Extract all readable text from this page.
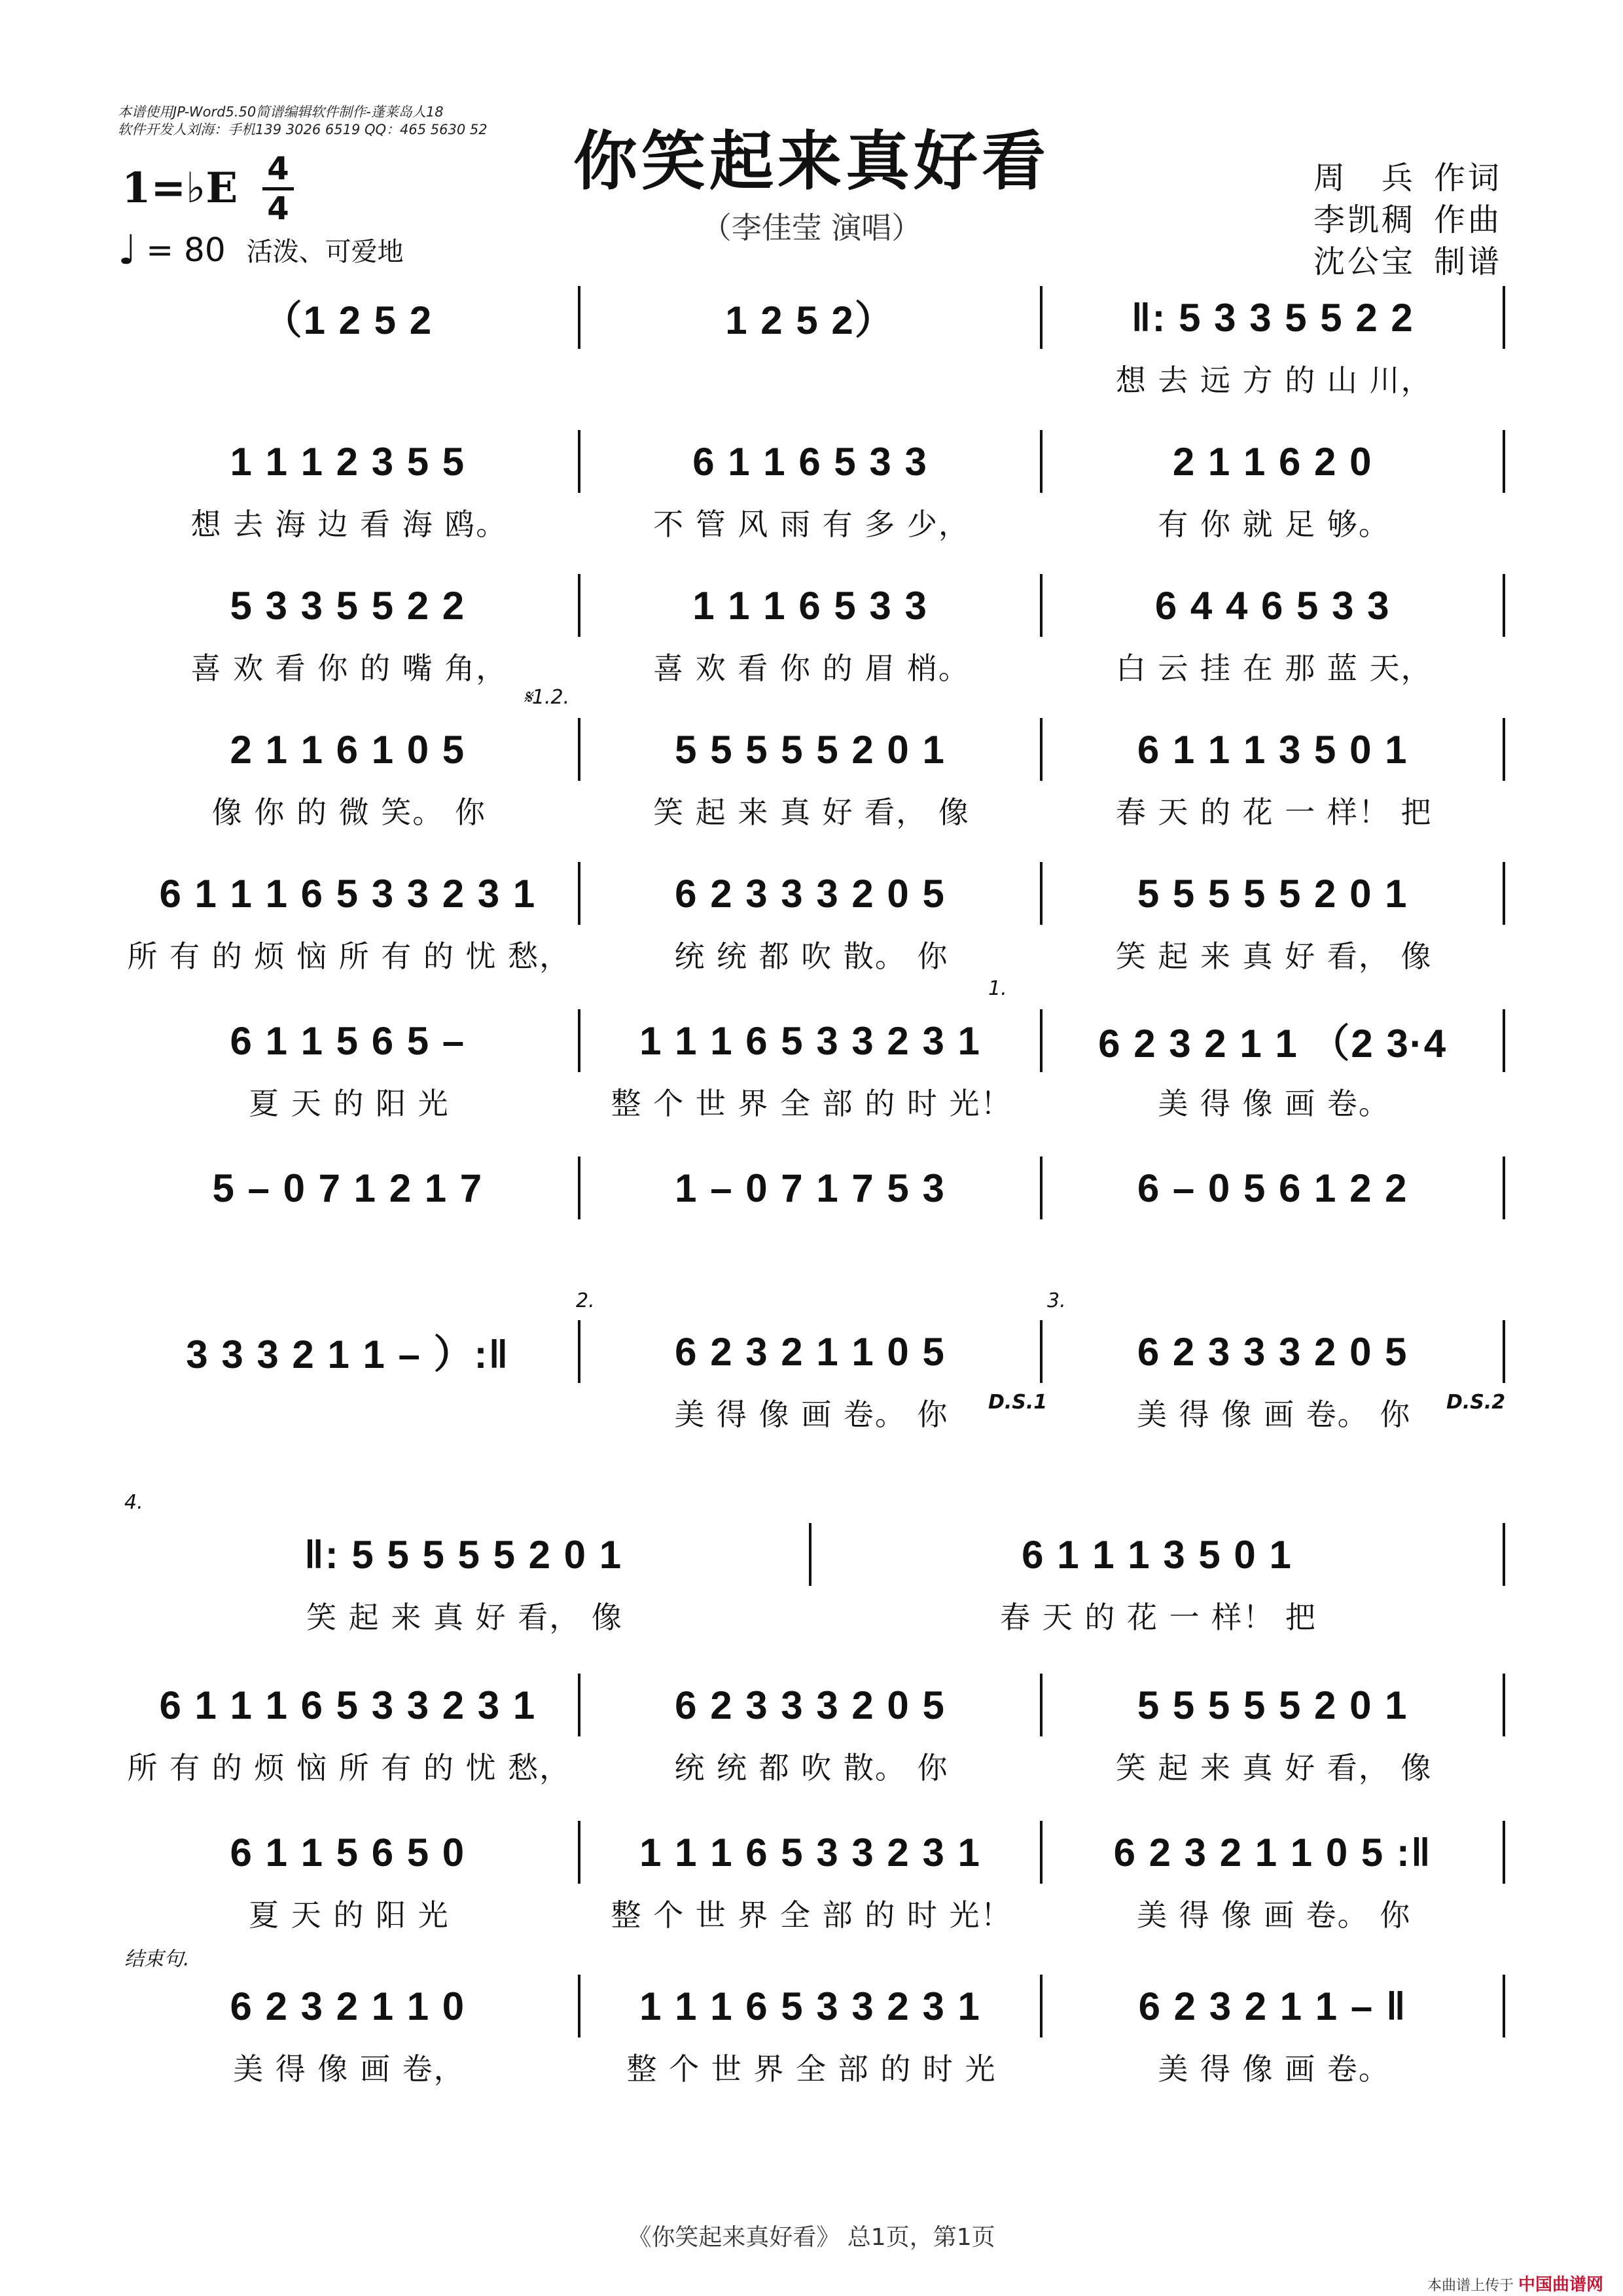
本谱使用JP-Word5.50简谱编辑软件制作-蓬莱岛人18
软件开发人刘海：手机139 3026 6519 QQ：465 5630 52	你笑起来真好看
（李佳莹 演唱）
周　兵 作词
李凯稠 作曲
沈公宝 制谱
1=♭E 4
4
♩ = 80 活泼、可爱地
（1 2 5 2	1 2 5 2）	‖: 5 3 3 5 5 2 2
想 去 远 方 的 山 川，
1 1 1 2 3 5 5	6 1 1 6 5 3 3	2 1 1 6 2 0
想 去 海 边 看 海 鸥。	不 管 风 雨 有 多 少，	有 你 就 足 够。
5 3 3 5 5 2 2	1 1 1 6 5 3 3	6 4 4 6 5 3 3
喜 欢 看 你 的 嘴 角，	喜 欢 看 你 的 眉 梢。	白 云 挂 在 那 蓝 天，
2 1 1 6 1 0 5	5 5 5 5 5 2 0 1	6 1 1 1 3 5 0 1
像 你 的 微 笑。 你	笑 起 来 真 好 看， 像	春 天 的 花 一 样！ 把
𝄋1.2.
6 1 1 1 6 5 3 3 2 3 1	6 2 3 3 3 2 0 5	5 5 5 5 5 2 0 1
所 有 的 烦 恼 所 有 的 忧 愁，	统 统 都 吹 散。 你	笑 起 来 真 好 看， 像
6 1 1 5 6 5 –	1 1 1 6 5 3 3 2 3 1	6 2 3 2 1 1 （2 3·4
夏 天 的 阳 光	整 个 世 界 全 部 的 时 光！	美 得 像 画 卷。
1.
5 – 0 7 1 2 1 7	1 – 0 7 1 7 5 3	6 – 0 5 6 1 2 2
3 3 3 2 1 1 – ）:‖	6 2 3 2 1 1 0 5	6 2 3 3 3 2 0 5
美 得 像 画 卷。 你	美 得 像 画 卷。 你
2.	3.
D.S.1	D.S.2
‖: 5 5 5 5 5 2 0 1	6 1 1 1 3 5 0 1
笑 起 来 真 好 看， 像	春 天 的 花 一 样！ 把
4.
6 1 1 1 6 5 3 3 2 3 1	6 2 3 3 3 2 0 5	5 5 5 5 5 2 0 1
所 有 的 烦 恼 所 有 的 忧 愁，	统 统 都 吹 散。 你	笑 起 来 真 好 看， 像
6 1 1 5 6 5 0	1 1 1 6 5 3 3 2 3 1	6 2 3 2 1 1 0 5 :‖
夏 天 的 阳 光	整 个 世 界 全 部 的 时 光！	美 得 像 画 卷。 你
6 2 3 2 1 1 0	1 1 1 6 5 3 3 2 3 1	6 2 3 2 1 1 – ‖
美 得 像 画 卷，	整 个 世 界 全 部 的 时 光	美 得 像 画 卷。
结束句.
《你笑起来真好看》 总1页，第1页
本曲谱上传于 中国曲谱网
